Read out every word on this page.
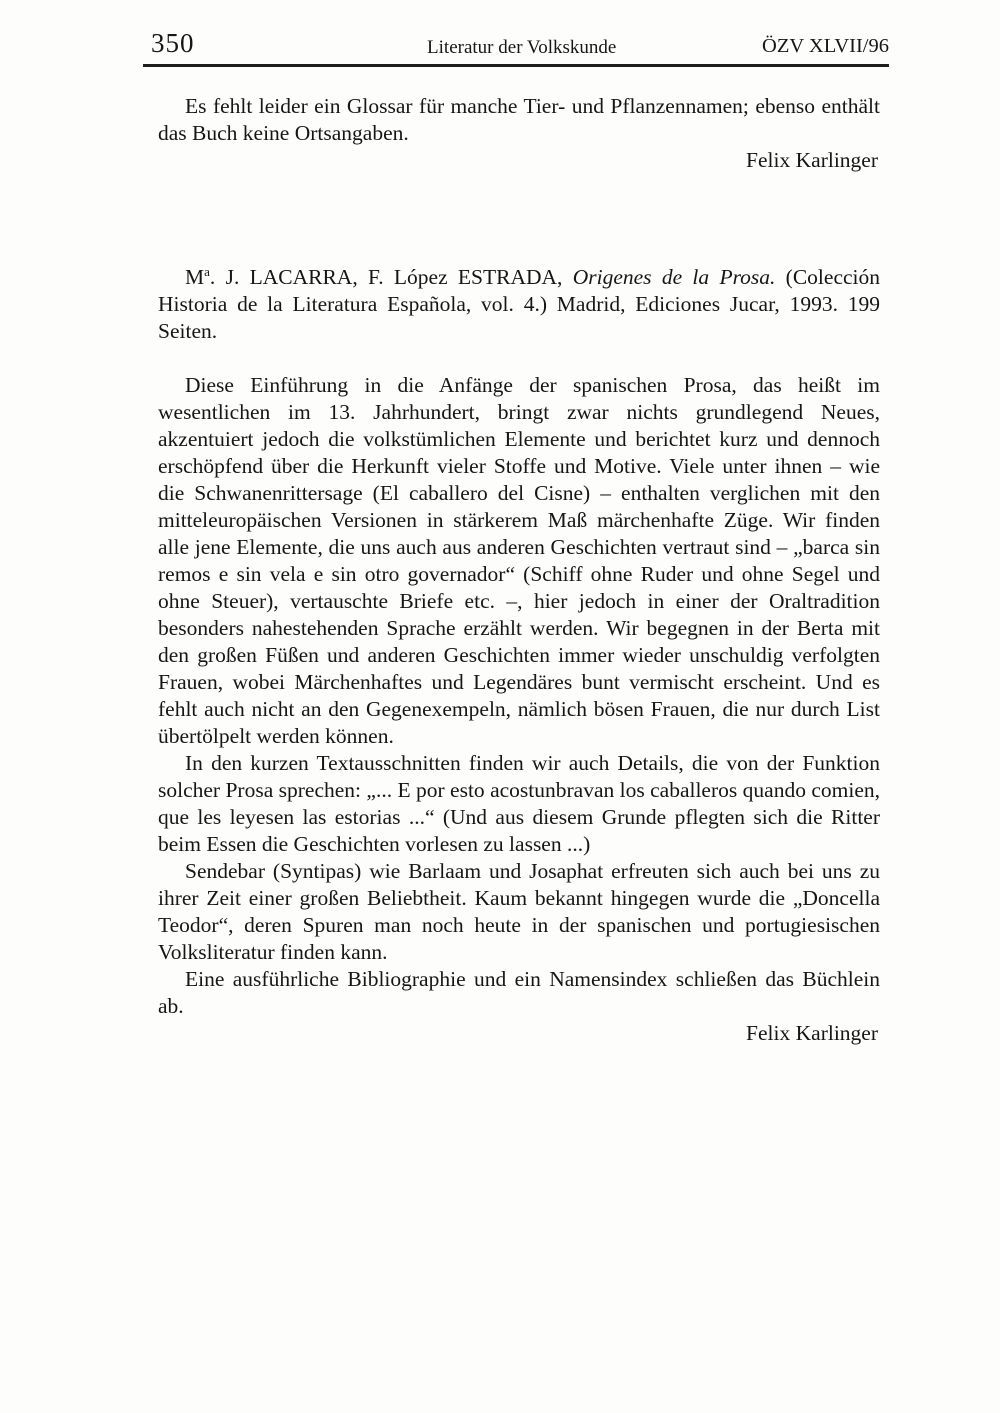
350	Literatur der Volkskunde	ÖZV XLVII/96

Es fehlt leider ein Glossar für manche Tier- und Pflanzennamen; ebenso enthält das Buch keine Ortsangaben.

Felix Karlinger

$M^a$. J. LACARRA, F. López ESTRADA, Origenes de la Prosa. (Colección Historia de la Literatura Española, vol. 4.) Madrid, Ediciones Jucar, 1993. 199 Seiten.

Diese Einführung in die Anfänge der spanischen Prosa, das heißt im wesentlichen im 13. Jahrhundert, bringt zwar nichts grundlegend Neues, akzentuiert jedoch die volkstümlichen Elemente und berichtet kurz und dennoch erschöpfend über die Herkunft vieler Stoffe und Motive. Viele unter ihnen – wie die Schwanenrittersage (El caballero del Cisne) – enthalten verglichen mit den mitteleuropäischen Versionen in stärkerem Maß märchenhafte Züge. Wir finden alle jene Elemente, die uns auch aus anderen Geschichten vertraut sind – „barca sin remos e sin vela e sin otro governador“ (Schiff ohne Ruder und ohne Segel und ohne Steuer), vertauschte Briefe etc. –, hier jedoch in einer der Oraltradition besonders nahestehenden Sprache erzählt werden. Wir begegnen in der Berta mit den großen Füßen und anderen Geschichten immer wieder unschuldig verfolgten Frauen, wobei Märchenhaftes und Legendäres bunt vermischt erscheint. Und es fehlt auch nicht an den Gegenexempeln, nämlich bösen Frauen, die nur durch List übertölpelt werden können.

In den kurzen Textausschnitten finden wir auch Details, die von der Funktion solcher Prosa sprechen: „... E por esto acostunbravan los caballeros quando comien, que les leyesen las estorias ...“ (Und aus diesem Grunde pflegten sich die Ritter beim Essen die Geschichten vorlesen zu lassen ...)

Sendebar (Syntipas) wie Barlaam und Josaphat erfreuten sich auch bei uns zu ihrer Zeit einer großen Beliebtheit. Kaum bekannt hingegen wurde die „Doncella Teodor“, deren Spuren man noch heute in der spanischen und portugiesischen Volksliteratur finden kann.

Eine ausführliche Bibliographie und ein Namensindex schließen das Büchlein ab.

Felix Karlinger
